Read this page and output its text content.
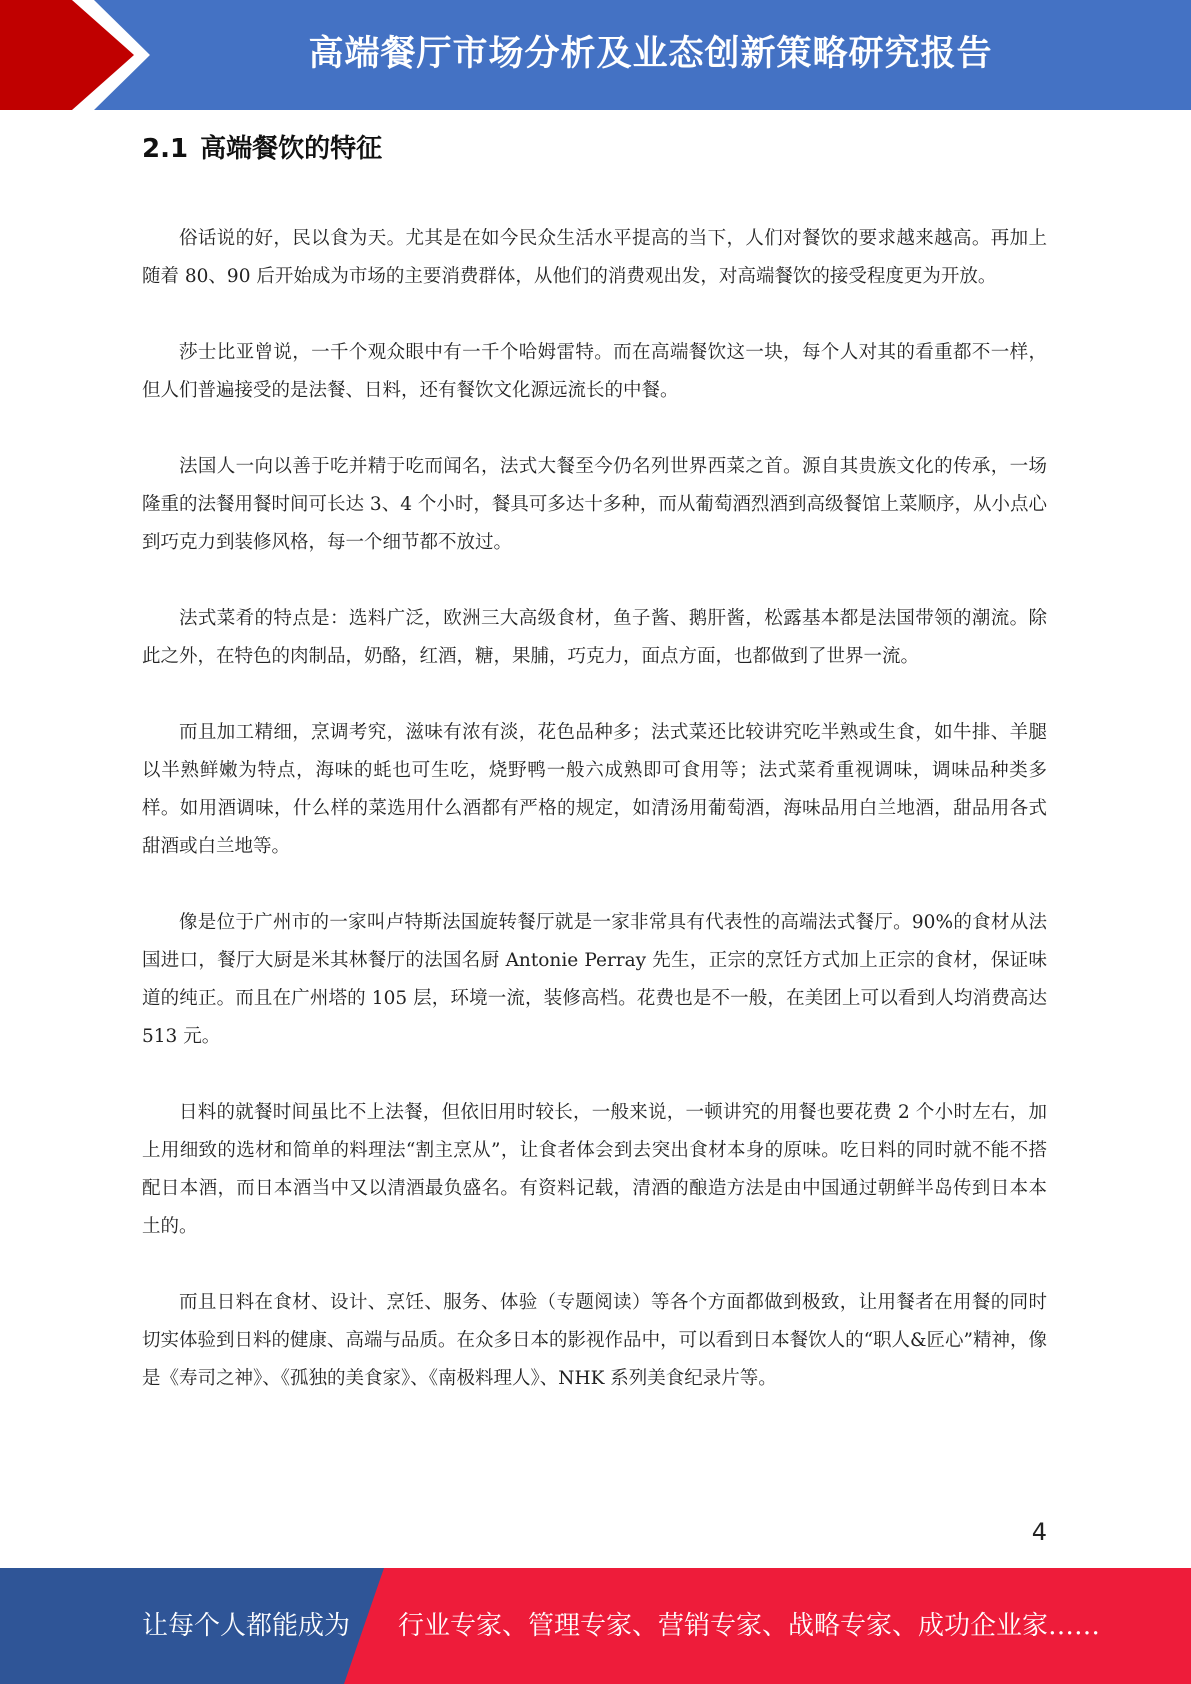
高端餐厅市场分析及业态创新策略研究报告
2.1 高端餐饮的特征

俗话说的好，民以食为天。尤其是在如今民众生活水平提高的当下，人们对餐饮的要求越来越高。再加上随着 80、90 后开始成为市场的主要消费群体，从他们的消费观出发，对高端餐饮的接受程度更为开放。

莎士比亚曾说，一千个观众眼中有一千个哈姆雷特。而在高端餐饮这一块，每个人对其的看重都不一样，但人们普遍接受的是法餐、日料，还有餐饮文化源远流长的中餐。

法国人一向以善于吃并精于吃而闻名，法式大餐至今仍名列世界西菜之首。源自其贵族文化的传承，一场隆重的法餐用餐时间可长达 3、4 个小时，餐具可多达十多种，而从葡萄酒烈酒到高级餐馆上菜顺序，从小点心到巧克力到装修风格，每一个细节都不放过。

法式菜肴的特点是：选料广泛，欧洲三大高级食材，鱼子酱、鹅肝酱，松露基本都是法国带领的潮流。除此之外，在特色的肉制品，奶酪，红酒，糖，果脯，巧克力，面点方面，也都做到了世界一流。

而且加工精细，烹调考究，滋味有浓有淡，花色品种多；法式菜还比较讲究吃半熟或生食，如牛排、羊腿以半熟鲜嫩为特点，海味的蚝也可生吃，烧野鸭一般六成熟即可食用等；法式菜肴重视调味，调味品种类多样。如用酒调味，什么样的菜选用什么酒都有严格的规定，如清汤用葡萄酒，海味品用白兰地酒，甜品用各式甜酒或白兰地等。

像是位于广州市的一家叫卢特斯法国旋转餐厅就是一家非常具有代表性的高端法式餐厅。90%的食材从法国进口，餐厅大厨是米其林餐厅的法国名厨 Antonie Perray 先生，正宗的烹饪方式加上正宗的食材，保证味道的纯正。而且在广州塔的 105 层，环境一流，装修高档。花费也是不一般，在美团上可以看到人均消费高达 513 元。

日料的就餐时间虽比不上法餐，但依旧用时较长，一般来说，一顿讲究的用餐也要花费 2 个小时左右，加上用细致的选材和简单的料理法“割主烹从”，让食者体会到去突出食材本身的原味。吃日料的同时就不能不搭配日本酒，而日本酒当中又以清酒最负盛名。有资料记载，清酒的酿造方法是由中国通过朝鲜半岛传到日本本土的。

而且日料在食材、设计、烹饪、服务、体验（专题阅读）等各个方面都做到极致，让用餐者在用餐的同时切实体验到日料的健康、高端与品质。在众多日本的影视作品中，可以看到日本餐饮人的“职人&匠心”精神，像是《寿司之神》、《孤独的美食家》、《南极料理人》、NHK 系列美食纪录片等。

4
让每个人都能成为 行业专家、管理专家、营销专家、战略专家、成功企业家……
